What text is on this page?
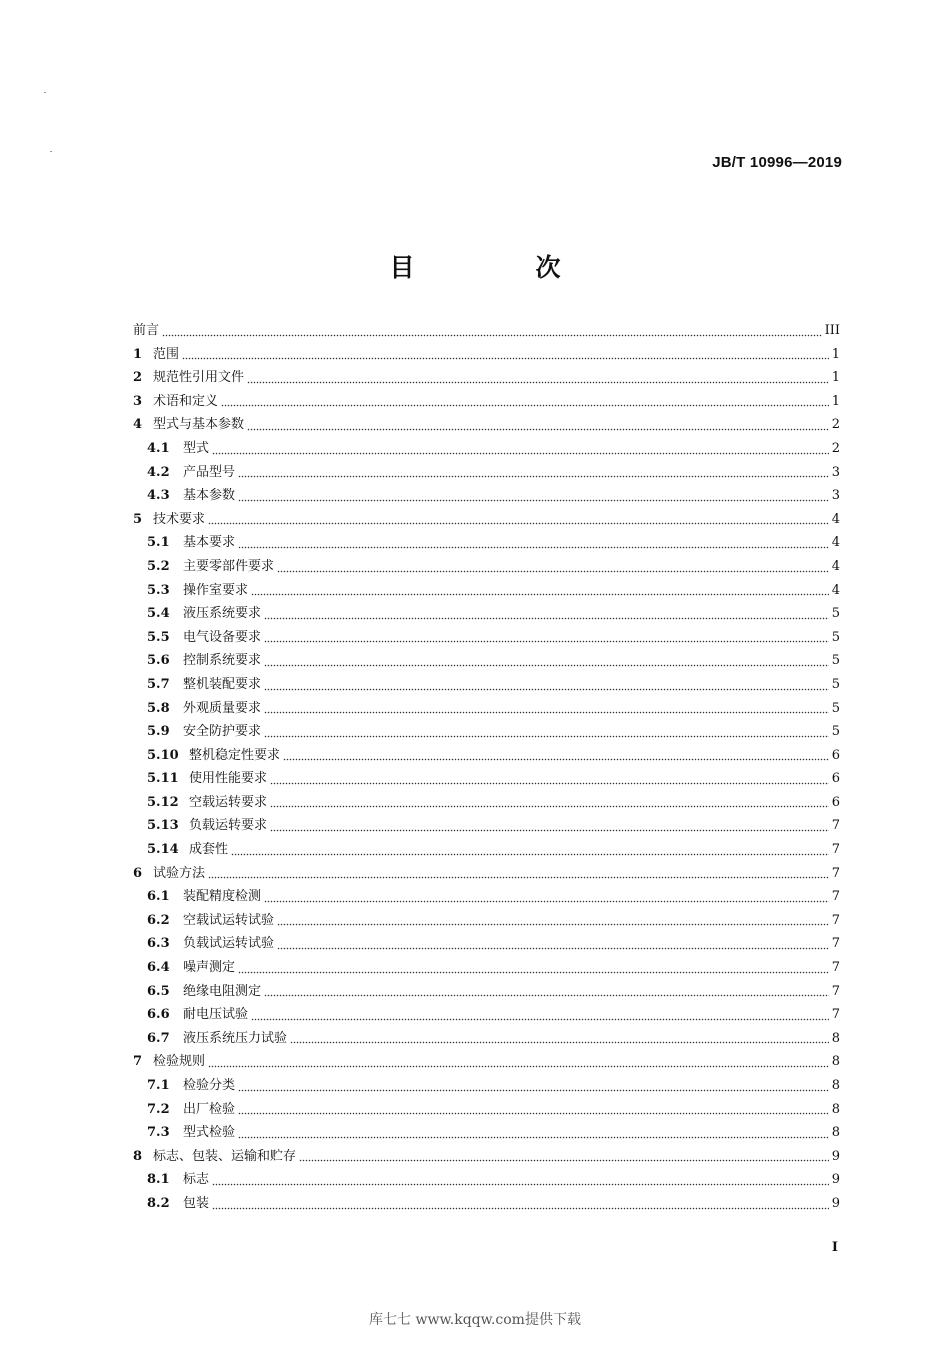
JB/T 10996—2019
目　次
前言	III
1 范围	1
2 规范性引用文件	1
3 术语和定义	1
4 型式与基本参数	2
4.1	型式	2
4.2	产品型号	3
4.3	基本参数	3
5 技术要求	4
5.1	基本要求	4
5.2	主要零部件要求	4
5.3	操作室要求	4
5.4	液压系统要求	5
5.5	电气设备要求	5
5.6	控制系统要求	5
5.7	整机装配要求	5
5.8	外观质量要求	5
5.9	安全防护要求	5
5.10 整机稳定性要求	6
5.11 使用性能要求	6
5.12 空载运转要求	6
5.13 负载运转要求	7
5.14 成套性	7
6 试验方法	7
6.1	装配精度检测	7
6.2	空载试运转试验	7
6.3	负载试运转试验	7
6.4	噪声测定	7
6.5	绝缘电阻测定	7
6.6	耐电压试验	7
6.7	液压系统压力试验	8
7 检验规则	8
7.1	检验分类	8
7.2	出厂检验	8
7.3	型式检验	8
8 标志、包装、运输和贮存	9
8.1	标志	9
8.2	包装	9
I
库七七 www.kqqw.com提供下载
